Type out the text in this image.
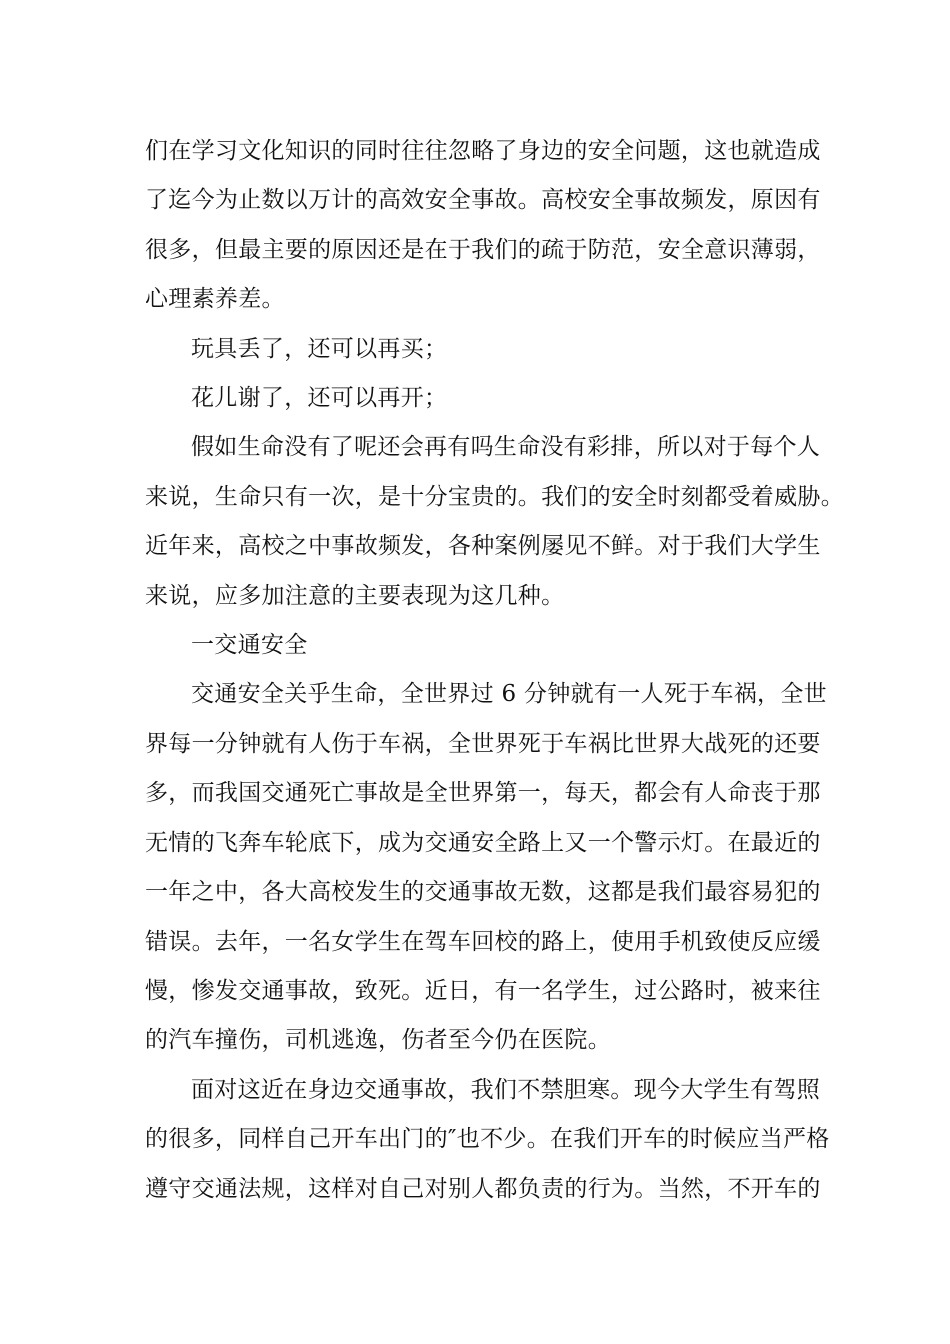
们在学习文化知识的同时往往忽略了身边的安全问题，这也就造成
了迄今为止数以万计的高效安全事故。高校安全事故频发，原因有
很多，但最主要的原因还是在于我们的疏于防范，安全意识薄弱，
心理素养差。

玩具丢了，还可以再买；

花儿谢了，还可以再开；

假如生命没有了呢还会再有吗生命没有彩排，所以对于每个人
来说，生命只有一次，是十分宝贵的。我们的安全时刻都受着威胁。
近年来，高校之中事故频发，各种案例屡见不鲜。对于我们大学生
来说，应多加注意的主要表现为这几种。

一交通安全

交通安全关乎生命，全世界过 6 分钟就有一人死于车祸，全世
界每一分钟就有人伤于车祸，全世界死于车祸比世界大战死的还要
多，而我国交通死亡事故是全世界第一，每天，都会有人命丧于那
无情的飞奔车轮底下，成为交通安全路上又一个警示灯。在最近的
一年之中，各大高校发生的交通事故无数，这都是我们最容易犯的
错误。去年，一名女学生在驾车回校的路上，使用手机致使反应缓
慢，惨发交通事故，致死。近日，有一名学生，过公路时，被来往
的汽车撞伤，司机逃逸，伤者至今仍在医院。

面对这近在身边交通事故，我们不禁胆寒。现今大学生有驾照
的很多，同样自己开车出门的″也不少。在我们开车的时候应当严格
遵守交通法规，这样对自己对别人都负责的行为。当然，不开车的
